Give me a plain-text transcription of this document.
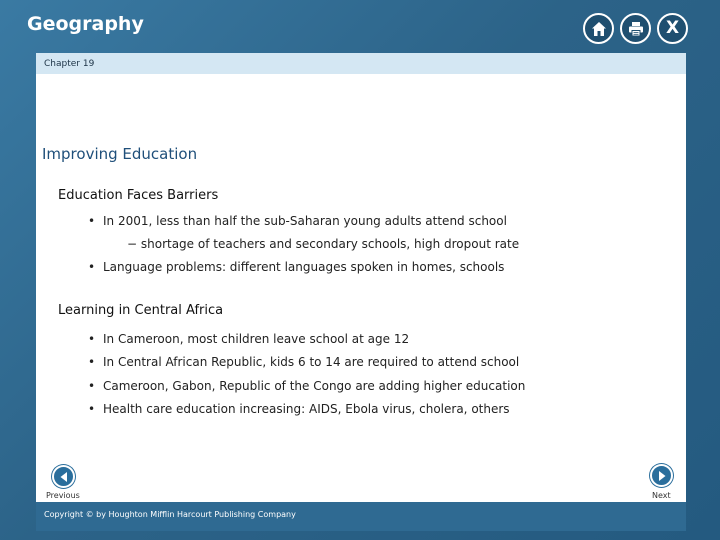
Geography	X
Chapter 19
Improving Education
Education Faces Barriers
• In 2001, less than half the sub-Saharan young adults attend school
− shortage of teachers and secondary schools, high dropout rate
• Language problems: different languages spoken in homes, schools
Learning in Central Africa
• In Cameroon, most children leave school at age 12
• In Central African Republic, kids 6 to 14 are required to attend school
• Cameroon, Gabon, Republic of the Congo are adding higher education
• Health care education increasing: AIDS, Ebola virus, cholera, others
Previous	Next
Copyright © by Houghton Mifflin Harcourt Publishing Company
